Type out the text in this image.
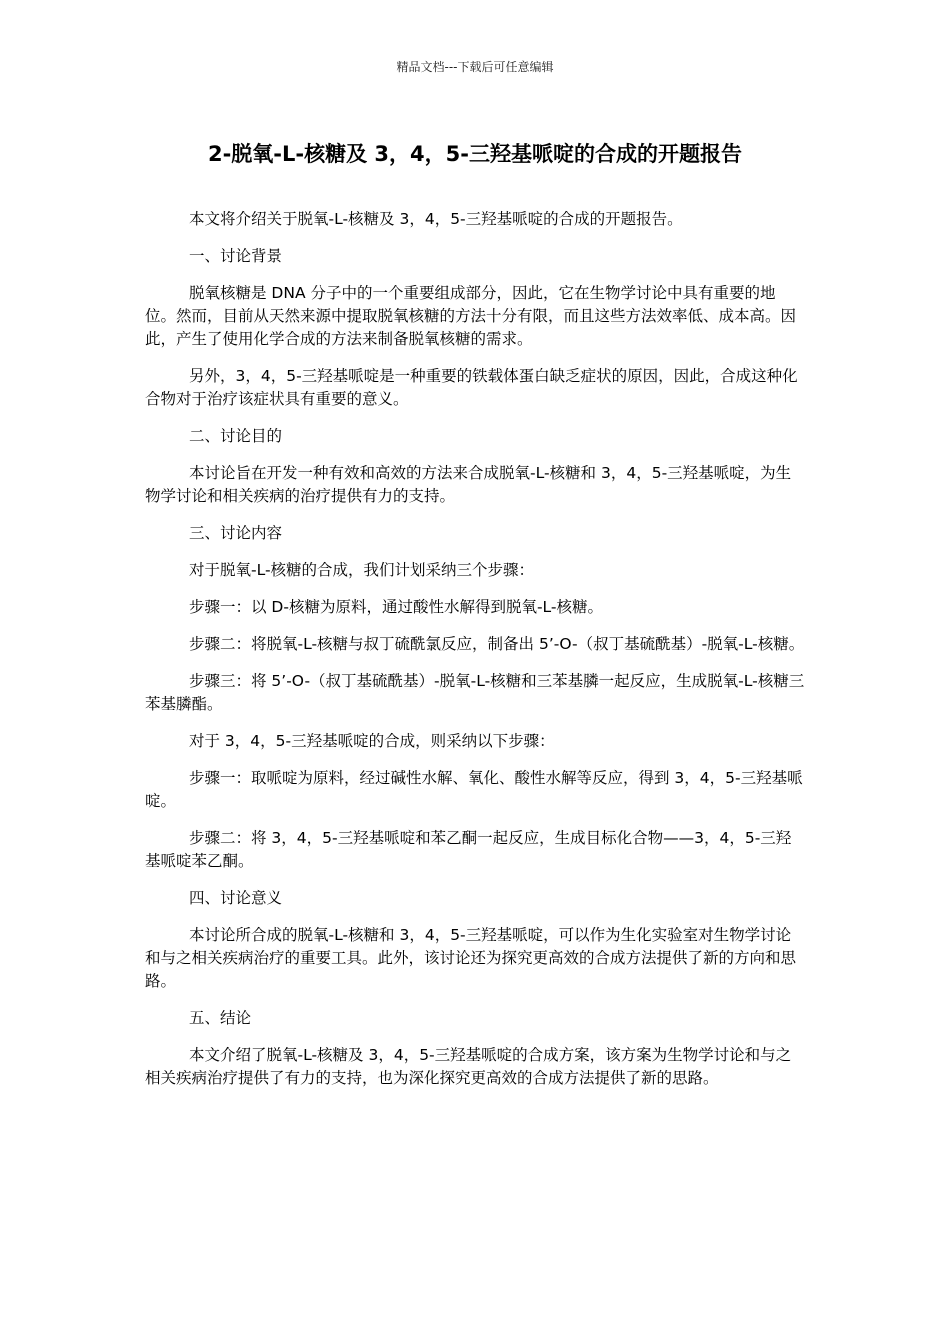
精品文档---下载后可任意编辑
2-脱氧-L-核糖及 3，4，5-三羟基哌啶的合成的开题报告

本文将介绍关于脱氧-L-核糖及 3，4，5-三羟基哌啶的合成的开题报告。

一、讨论背景

脱氧核糖是 DNA 分子中的一个重要组成部分，因此，它在生物学讨论中具有重要的地位。然而，目前从天然来源中提取脱氧核糖的方法十分有限，而且这些方法效率低、成本高。因此，产生了使用化学合成的方法来制备脱氧核糖的需求。

另外，3，4，5-三羟基哌啶是一种重要的铁载体蛋白缺乏症状的原因，因此，合成这种化合物对于治疗该症状具有重要的意义。

二、讨论目的

本讨论旨在开发一种有效和高效的方法来合成脱氧-L-核糖和 3，4，5-三羟基哌啶，为生物学讨论和相关疾病的治疗提供有力的支持。

三、讨论内容

对于脱氧-L-核糖的合成，我们计划采纳三个步骤：

步骤一：以 D-核糖为原料，通过酸性水解得到脱氧-L-核糖。

步骤二：将脱氧-L-核糖与叔丁硫酰氯反应，制备出 5’-O-（叔丁基硫酰基）-脱氧-L-核糖。

步骤三：将 5’-O-（叔丁基硫酰基）-脱氧-L-核糖和三苯基膦一起反应，生成脱氧-L-核糖三苯基膦酯。

对于 3，4，5-三羟基哌啶的合成，则采纳以下步骤：

步骤一：取哌啶为原料，经过碱性水解、氧化、酸性水解等反应，得到 3，4，5-三羟基哌啶。

步骤二：将 3，4，5-三羟基哌啶和苯乙酮一起反应，生成目标化合物——3，4，5-三羟基哌啶苯乙酮。

四、讨论意义

本讨论所合成的脱氧-L-核糖和 3，4，5-三羟基哌啶，可以作为生化实验室对生物学讨论和与之相关疾病治疗的重要工具。此外，该讨论还为探究更高效的合成方法提供了新的方向和思路。

五、结论

本文介绍了脱氧-L-核糖及 3，4，5-三羟基哌啶的合成方案，该方案为生物学讨论和与之相关疾病治疗提供了有力的支持，也为深化探究更高效的合成方法提供了新的思路。
